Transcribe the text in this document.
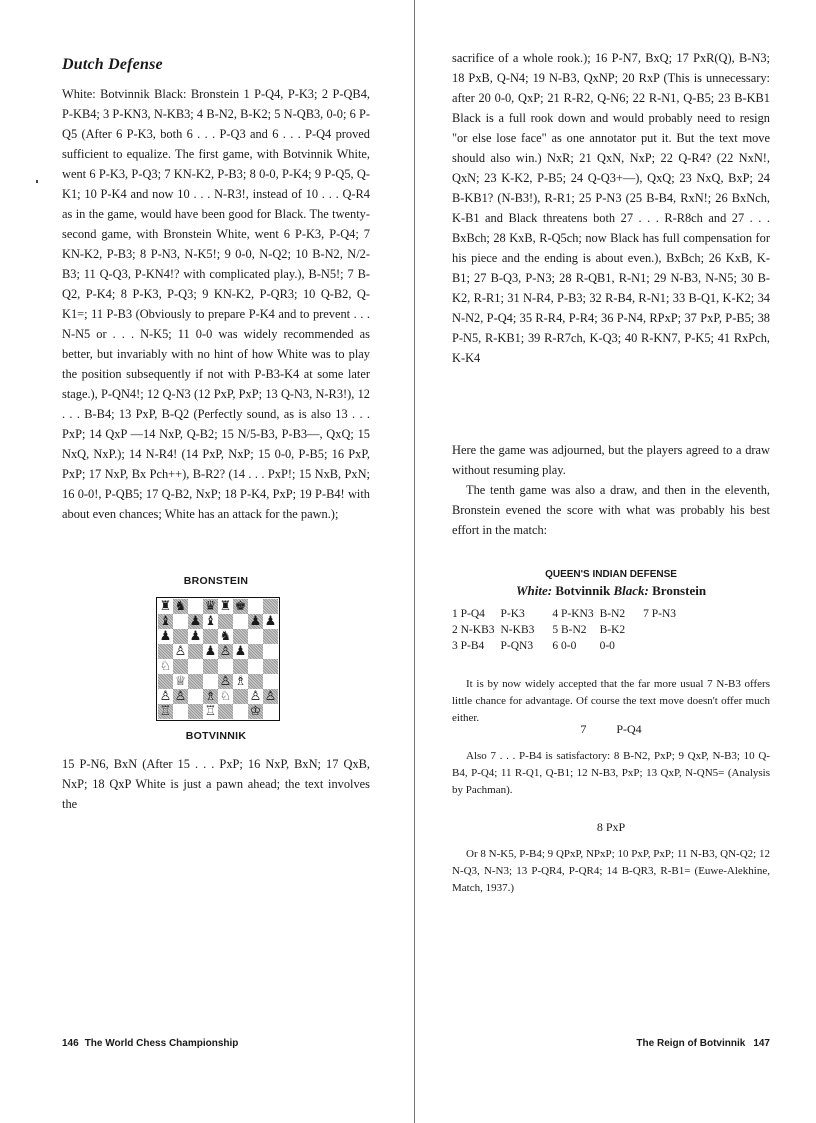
Dutch Defense

White: Botvinnik Black: Bronstein 1 P-Q4, P-K3; 2 P-QB4, P-KB4; 3 P-KN3, N-KB3; 4 B-N2, B-K2; 5 N-QB3, 0-0; 6 P-Q5 (After 6 P-K3, both 6 . . . P-Q3 and 6 . . . P-Q4 proved sufficient to equalize. The first game, with Botvinnik White, went 6 P-K3, P-Q3; 7 KN-K2, P-B3; 8 0-0, P-K4; 9 P-Q5, Q-K1; 10 P-K4 and now 10 . . . N-R3!, instead of 10 . . . Q-R4 as in the game, would have been good for Black. The twenty-second game, with Bronstein White, went 6 P-K3, P-Q4; 7 KN-K2, P-B3; 8 P-N3, N-K5!; 9 0-0, N-Q2; 10 B-N2, N/2-B3; 11 Q-Q3, P-KN4!? with complicated play.), B-N5!; 7 B-Q2, P-K4; 8 P-K3, P-Q3; 9 KN-K2, P-QR3; 10 Q-B2, Q-K1=; 11 P-B3 (Obviously to prepare P-K4 and to prevent . . . N-N5 or . . . N-K5; 11 0-0 was widely recommended as better, but invariably with no hint of how White was to play the position subsequently if not with P-B3-K4 at some later stage.), P-QN4!; 12 Q-N3 (12 PxP, PxP; 13 Q-N3, N-R3!), 12 . . . B-B4; 13 PxP, B-Q2 (Perfectly sound, as is also 13 . . . PxP; 14 QxP —14 NxP, Q-B2; 15 N/5-B3, P-B3—, QxQ; 15 NxQ, NxP.); 14 N-R4! (14 PxP, NxP; 15 0-0, P-B5; 16 PxP, PxP; 17 NxP, Bx Pch++), B-R2? (14 . . . PxP!; 15 NxB, PxN; 16 0-0!, P-QB5; 17 Q-B2, NxP; 18 P-K4, PxP; 19 P-B4! with about even chances; White has an attack for the pawn.);

BRONSTEIN
♜ ♞ ♛ ♜ ♚
♝ ♟ ♝	♟ ♟
♟ ♟ ♞
♙ ♟ ♙ ♟
♘
♕	♙ ♗
♙ ♙ ♗ ♘ ♙ ♙
♖	♖	♔
BOTVINNIK

15 P-N6, BxN (After 15 . . . PxP; 16 NxP, BxN; 17 QxB, NxP; 18 QxP White is just a pawn ahead; the text involves the

146 The World Chess Championship

sacrifice of a whole rook.); 16 P-N7, BxQ; 17 PxR(Q), B-N3; 18 PxB, Q-N4; 19 N-B3, QxNP; 20 RxP (This is unnecessary: after 20 0-0, QxP; 21 R-R2, Q-N6; 22 R-N1, Q-B5; 23 B-KB1 Black is a full rook down and would probably need to resign "or else lose face" as one annotator put it. But the text move should also win.) NxR; 21 QxN, NxP; 22 Q-R4? (22 NxN!, QxN; 23 K-K2, P-B5; 24 Q-Q3+—), QxQ; 23 NxQ, BxP; 24 B-KB1? (N-B3!), R-R1; 25 P-N3 (25 B-B4, RxN!; 26 BxNch, K-B1 and Black threatens both 27 . . . R-R8ch and 27 . . . BxBch; 28 KxB, R-Q5ch; now Black has full compensation for his piece and the ending is about even.), BxBch; 26 KxB, K-B1; 27 B-Q3, P-N3; 28 R-QB1, R-N1; 29 N-B3, N-N5; 30 B-K2, R-R1; 31 N-R4, P-B3; 32 R-B4, R-N1; 33 B-Q1, K-K2; 34 N-N2, P-Q4; 35 R-R4, P-R4; 36 P-N4, RPxP; 37 PxP, P-B5; 38 P-N5, R-KB1; 39 R-R7ch, K-Q3; 40 R-KN7, P-K5; 41 RxPch, K-K4

Here the game was adjourned, but the players agreed to a draw without resuming play.

The tenth game was also a draw, and then in the eleventh, Bronstein evened the score with what was probably his best effort in the match:

QUEEN'S INDIAN DEFENSE
White: Botvinnik Black: Bronstein
1 P-Q4	P-K3	4 P-KN3	B-N2	7 P-N3
2 N-KB3	N-KB3	5 B-N2	B-K2	
3 P-B4	P-QN3	6 0-0	0-0	

It is by now widely accepted that the far more usual 7 N-B3 offers little chance for advantage. Of course the text move doesn't offer much either.

7          P-Q4

Also 7 . . . P-B4 is satisfactory: 8 B-N2, PxP; 9 QxP, N-B3; 10 Q-B4, P-Q4; 11 R-Q1, Q-B1; 12 N-B3, PxP; 13 QxP, N-QN5= (Analysis by Pachman).

8 PxP

Or 8 N-K5, P-B4; 9 QPxP, NPxP; 10 PxP, PxP; 11 N-B3, QN-Q2; 12 N-Q3, N-N3; 13 P-QR4, P-QR4; 14 B-QR3, R-B1= (Euwe-Alekhine, Match, 1937.)

The Reign of Botvinnik 147
